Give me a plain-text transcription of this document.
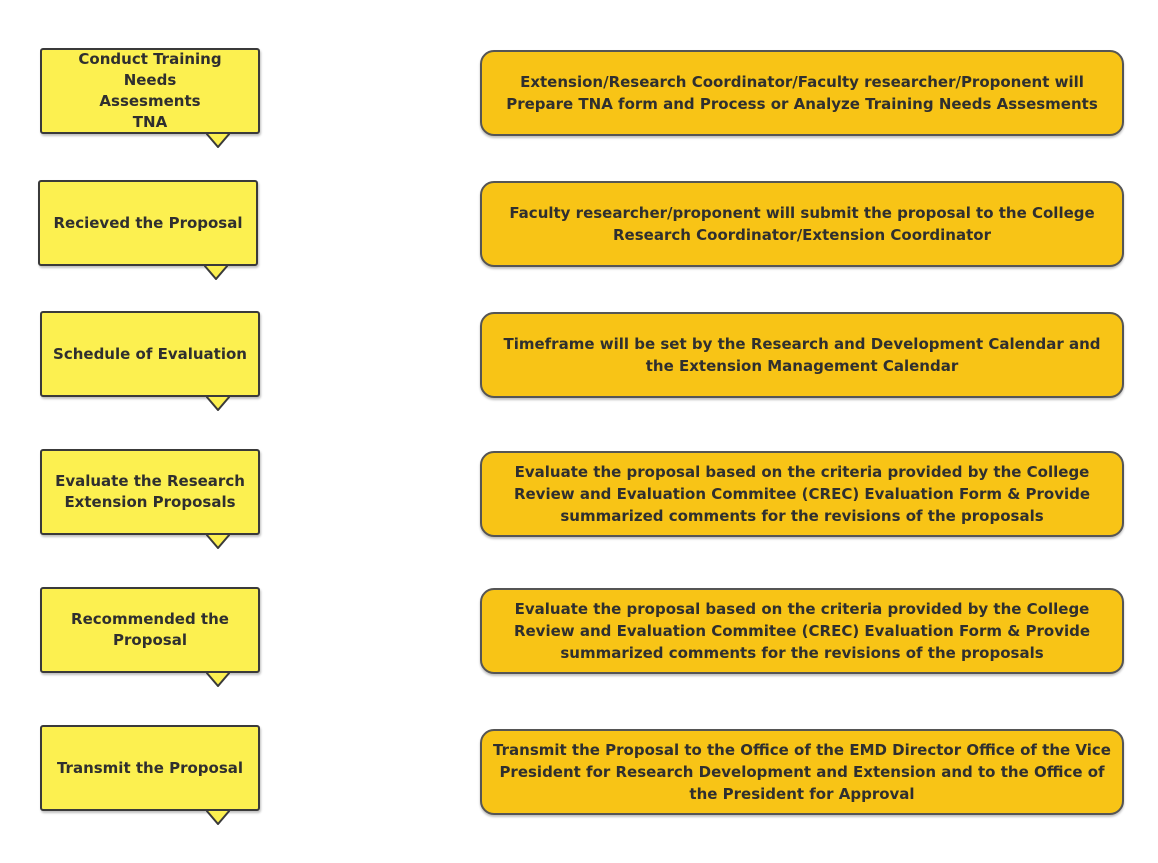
Conduct Training Needs
Assesments
TNA
Extension/Research Coordinator/Faculty researcher/Proponent will Prepare TNA form and Process or Analyze Training Needs Assesments
Recieved the Proposal
Faculty researcher/proponent will submit the proposal to the College Research Coordinator/Extension Coordinator
Schedule of Evaluation
Timeframe will be set by the Research and Development Calendar and the Extension Management Calendar
Evaluate the Research
Extension Proposals
Evaluate the proposal based on the criteria provided by the College Review and Evaluation Commitee (CREC) Evaluation Form & Provide summarized comments for the revisions of the proposals
Recommended the
Proposal
Evaluate the proposal based on the criteria provided by the College Review and Evaluation Commitee (CREC) Evaluation Form & Provide summarized comments for the revisions of the proposals
Transmit the Proposal
Transmit the Proposal to the Office of the EMD Director Office of the Vice President for Research Development and Extension and to the Office of the President for Approval
